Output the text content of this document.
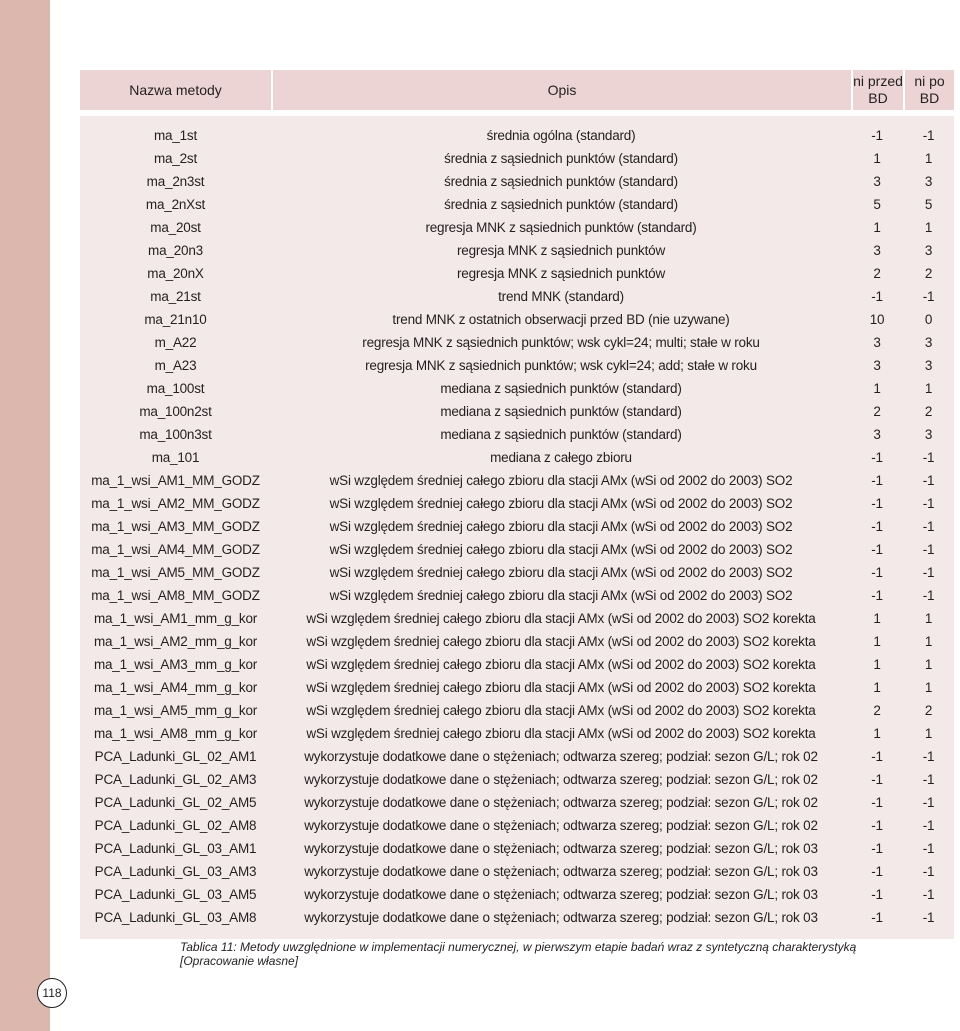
Nazwa metody	Opis	ni przed BD	ni po BD

ma_1st	średnia ogólna (standard)	-1	-1
ma_2st	średnia z sąsiednich punktów (standard)	1	1
ma_2n3st	średnia z sąsiednich punktów (standard)	3	3
ma_2nXst	średnia z sąsiednich punktów (standard)	5	5
ma_20st	regresja MNK z sąsiednich punktów (standard)	1	1
ma_20n3	regresja MNK z sąsiednich punktów	3	3
ma_20nX	regresja MNK z sąsiednich punktów	2	2
ma_21st	trend MNK (standard)	-1	-1
ma_21n10	trend MNK z ostatnich obserwacji przed BD (nie uzywane)	10	0
m_A22	regresja MNK z sąsiednich punktów; wsk cykl=24; multi; stałe w roku	3	3
m_A23	regresja MNK z sąsiednich punktów; wsk cykl=24; add; stałe w roku	3	3
ma_100st	mediana z sąsiednich punktów (standard)	1	1
ma_100n2st	mediana z sąsiednich punktów (standard)	2	2
ma_100n3st	mediana z sąsiednich punktów (standard)	3	3
ma_101	mediana z całego zbioru	-1	-1
ma_1_wsi_AM1_MM_GODZ	wSi względem średniej całego zbioru dla stacji AMx (wSi od 2002 do 2003) SO2	-1	-1
ma_1_wsi_AM2_MM_GODZ	wSi względem średniej całego zbioru dla stacji AMx (wSi od 2002 do 2003) SO2	-1	-1
ma_1_wsi_AM3_MM_GODZ	wSi względem średniej całego zbioru dla stacji AMx (wSi od 2002 do 2003) SO2	-1	-1
ma_1_wsi_AM4_MM_GODZ	wSi względem średniej całego zbioru dla stacji AMx (wSi od 2002 do 2003) SO2	-1	-1
ma_1_wsi_AM5_MM_GODZ	wSi względem średniej całego zbioru dla stacji AMx (wSi od 2002 do 2003) SO2	-1	-1
ma_1_wsi_AM8_MM_GODZ	wSi względem średniej całego zbioru dla stacji AMx (wSi od 2002 do 2003) SO2	-1	-1
ma_1_wsi_AM1_mm_g_kor	wSi względem średniej całego zbioru dla stacji AMx (wSi od 2002 do 2003) SO2 korekta	1	1
ma_1_wsi_AM2_mm_g_kor	wSi względem średniej całego zbioru dla stacji AMx (wSi od 2002 do 2003) SO2 korekta	1	1
ma_1_wsi_AM3_mm_g_kor	wSi względem średniej całego zbioru dla stacji AMx (wSi od 2002 do 2003) SO2 korekta	1	1
ma_1_wsi_AM4_mm_g_kor	wSi względem średniej całego zbioru dla stacji AMx (wSi od 2002 do 2003) SO2 korekta	1	1
ma_1_wsi_AM5_mm_g_kor	wSi względem średniej całego zbioru dla stacji AMx (wSi od 2002 do 2003) SO2 korekta	2	2
ma_1_wsi_AM8_mm_g_kor	wSi względem średniej całego zbioru dla stacji AMx (wSi od 2002 do 2003) SO2 korekta	1	1
PCA_Ladunki_GL_02_AM1	wykorzystuje dodatkowe dane o stężeniach; odtwarza szereg; podział: sezon G/L; rok 02	-1	-1
PCA_Ladunki_GL_02_AM3	wykorzystuje dodatkowe dane o stężeniach; odtwarza szereg; podział: sezon G/L; rok 02	-1	-1
PCA_Ladunki_GL_02_AM5	wykorzystuje dodatkowe dane o stężeniach; odtwarza szereg; podział: sezon G/L; rok 02	-1	-1
PCA_Ladunki_GL_02_AM8	wykorzystuje dodatkowe dane o stężeniach; odtwarza szereg; podział: sezon G/L; rok 02	-1	-1
PCA_Ladunki_GL_03_AM1	wykorzystuje dodatkowe dane o stężeniach; odtwarza szereg; podział: sezon G/L; rok 03	-1	-1
PCA_Ladunki_GL_03_AM3	wykorzystuje dodatkowe dane o stężeniach; odtwarza szereg; podział: sezon G/L; rok 03	-1	-1
PCA_Ladunki_GL_03_AM5	wykorzystuje dodatkowe dane o stężeniach; odtwarza szereg; podział: sezon G/L; rok 03	-1	-1
PCA_Ladunki_GL_03_AM8	wykorzystuje dodatkowe dane o stężeniach; odtwarza szereg; podział: sezon G/L; rok 03	-1	-1
Tablica 11: Metody uwzględnione w implementacji numerycznej, w pierwszym etapie badań wraz z syntetyczną charakterystyką [Opracowanie własne]
118
